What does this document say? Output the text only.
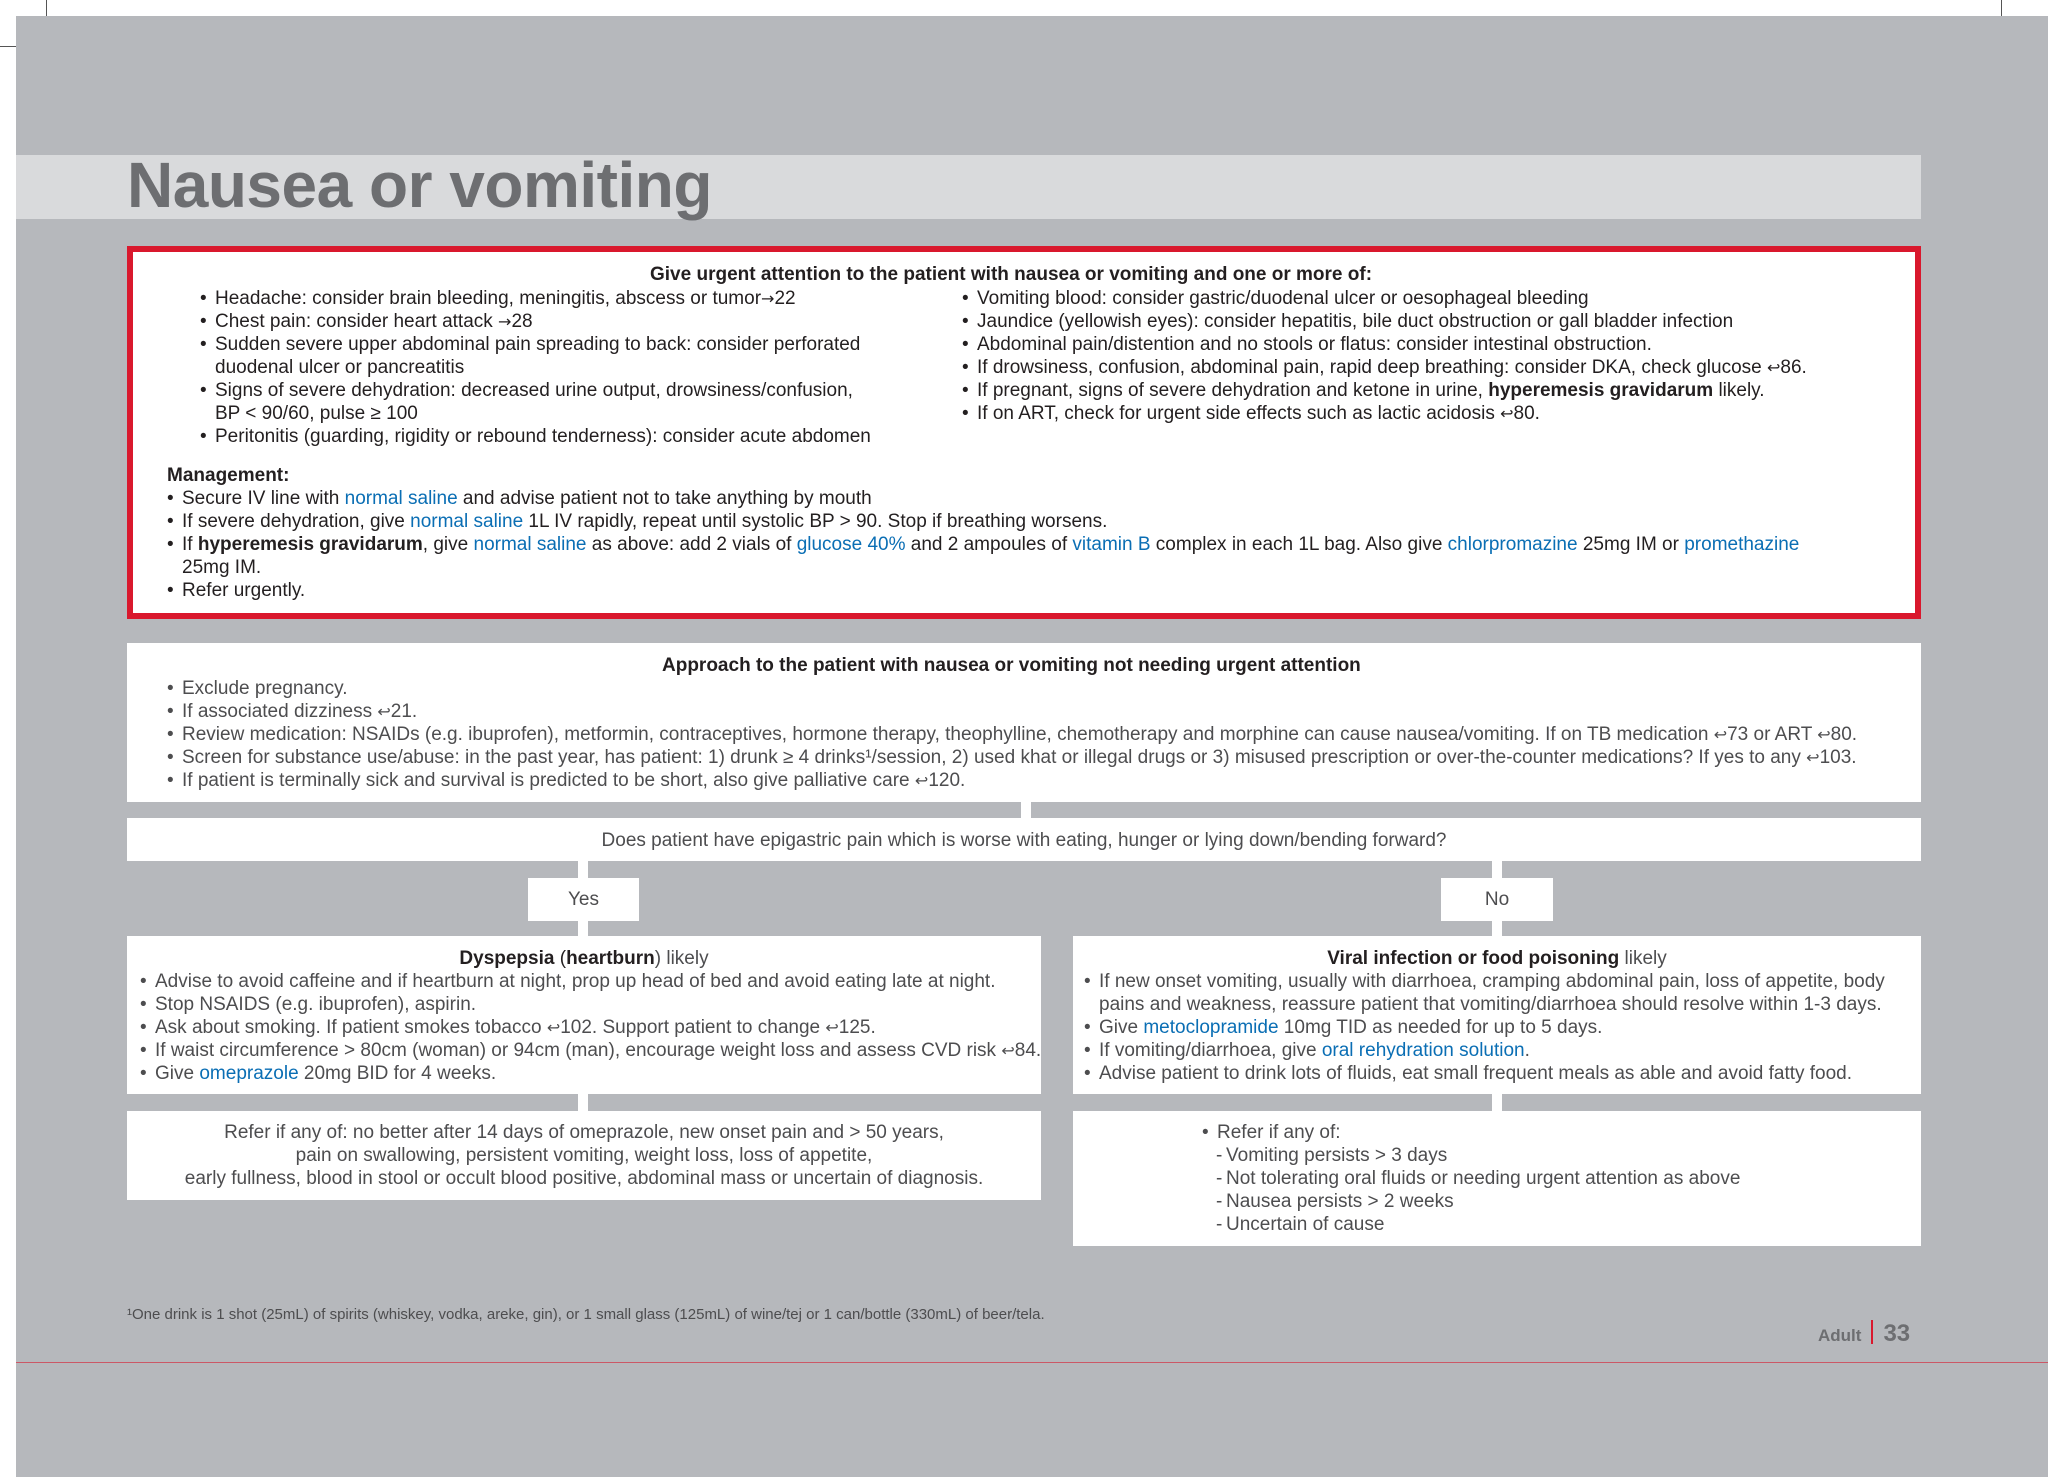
Nausea or vomiting
Give urgent attention to the patient with nausea or vomiting and one or more of:
• Headache: consider brain bleeding, meningitis, abscess or tumor→22
• Chest pain: consider heart attack →28
• Sudden severe upper abdominal pain spreading to back: consider perforated
duodenal ulcer or pancreatitis
• Signs of severe dehydration: decreased urine output, drowsiness/confusion,
BP < 90/60, pulse ≥ 100
• Peritonitis (guarding, rigidity or rebound tenderness): consider acute abdomen
• Vomiting blood: consider gastric/duodenal ulcer or oesophageal bleeding
• Jaundice (yellowish eyes): consider hepatitis, bile duct obstruction or gall bladder infection
• Abdominal pain/distention and no stools or flatus: consider intestinal obstruction.
• If drowsiness, confusion, abdominal pain, rapid deep breathing: consider DKA, check glucose ↩86.
• If pregnant, signs of severe dehydration and ketone in urine, hyperemesis gravidarum likely.
• If on ART, check for urgent side effects such as lactic acidosis ↩80.
Management:
• Secure IV line with normal saline and advise patient not to take anything by mouth
• If severe dehydration, give normal saline 1L IV rapidly, repeat until systolic BP > 90. Stop if breathing worsens.
• If hyperemesis gravidarum, give normal saline as above: add 2 vials of glucose 40% and 2 ampoules of vitamin B complex in each 1L bag. Also give chlorpromazine 25mg IM or promethazine
25mg IM.
• Refer urgently.
Approach to the patient with nausea or vomiting not needing urgent attention
• Exclude pregnancy.
• If associated dizziness ↩21.
• Review medication: NSAIDs (e.g. ibuprofen), metformin, contraceptives, hormone therapy, theophylline, chemotherapy and morphine can cause nausea/vomiting. If on TB medication ↩73 or ART ↩80.
• Screen for substance use/abuse: in the past year, has patient: 1) drunk ≥ 4 drinks¹/session, 2) used khat or illegal drugs or 3) misused prescription or over-the-counter medications? If yes to any ↩103.
• If patient is terminally sick and survival is predicted to be short, also give palliative care ↩120.
Does patient have epigastric pain which is worse with eating, hunger or lying down/bending forward?
Yes	No
Dyspepsia (heartburn) likely
• Advise to avoid caffeine and if heartburn at night, prop up head of bed and avoid eating late at night.
• Stop NSAIDS (e.g. ibuprofen), aspirin.
• Ask about smoking. If patient smokes tobacco ↩102. Support patient to change ↩125.
• If waist circumference > 80cm (woman) or 94cm (man), encourage weight loss and assess CVD risk ↩84.
• Give omeprazole 20mg BID for 4 weeks.
Viral infection or food poisoning likely
• If new onset vomiting, usually with diarrhoea, cramping abdominal pain, loss of appetite, body
pains and weakness, reassure patient that vomiting/diarrhoea should resolve within 1-3 days.
• Give metoclopramide 10mg TID as needed for up to 5 days.
• If vomiting/diarrhoea, give oral rehydration solution.
• Advise patient to drink lots of fluids, eat small frequent meals as able and avoid fatty food.
Refer if any of: no better after 14 days of omeprazole, new onset pain and > 50 years,
pain on swallowing, persistent vomiting, weight loss, loss of appetite,
early fullness, blood in stool or occult blood positive, abdominal mass or uncertain of diagnosis.
• Refer if any of:
- Vomiting persists > 3 days
- Not tolerating oral fluids or needing urgent attention as above
- Nausea persists > 2 weeks
- Uncertain of cause
¹One drink is 1 shot (25mL) of spirits (whiskey, vodka, areke, gin), or 1 small glass (125mL) of wine/tej or 1 can/bottle (330mL) of beer/tela.
Adult 33
